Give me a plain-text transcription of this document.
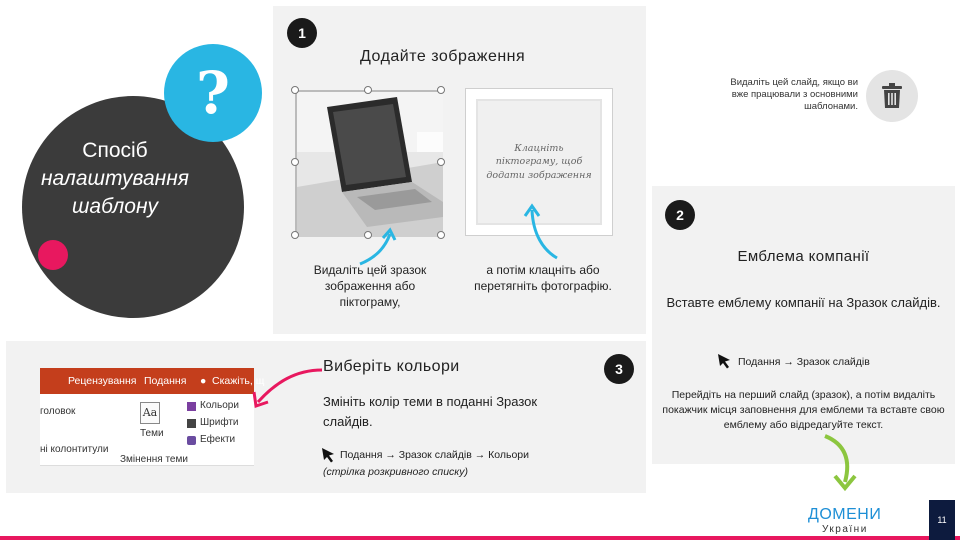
?
Спосіб
налаштування
шаблону
1
2
3
Додайте зображення
Видаліть цей слайд, якщо ви вже працювали з основними шаблонами.
Клацніть піктограму, щоб додати зображення
Видаліть цей зразок зображення або піктограму,
а потім клацніть або перетягніть фотографію.
Емблема компанії
Вставте емблему компанії на Зразок слайдів.
Подання → Зразок слайдів
Перейдіть на перший слайд (зразок), а потім видаліть покажчик місця заповнення для емблеми та вставте свою емблему або відредагуйте текст.
Рецензування Подання ● Скажіть, щ
головок
ні колонтитули
Aa
Теми
Кольори
Шрифти
Ефекти
Змінення теми
Виберіть кольори
Змініть колір теми в поданні Зразок слайдів.
Подання → Зразок слайдів → Кольори
(стрілка розкривного списку)
ДОМЕНИ
України
11
